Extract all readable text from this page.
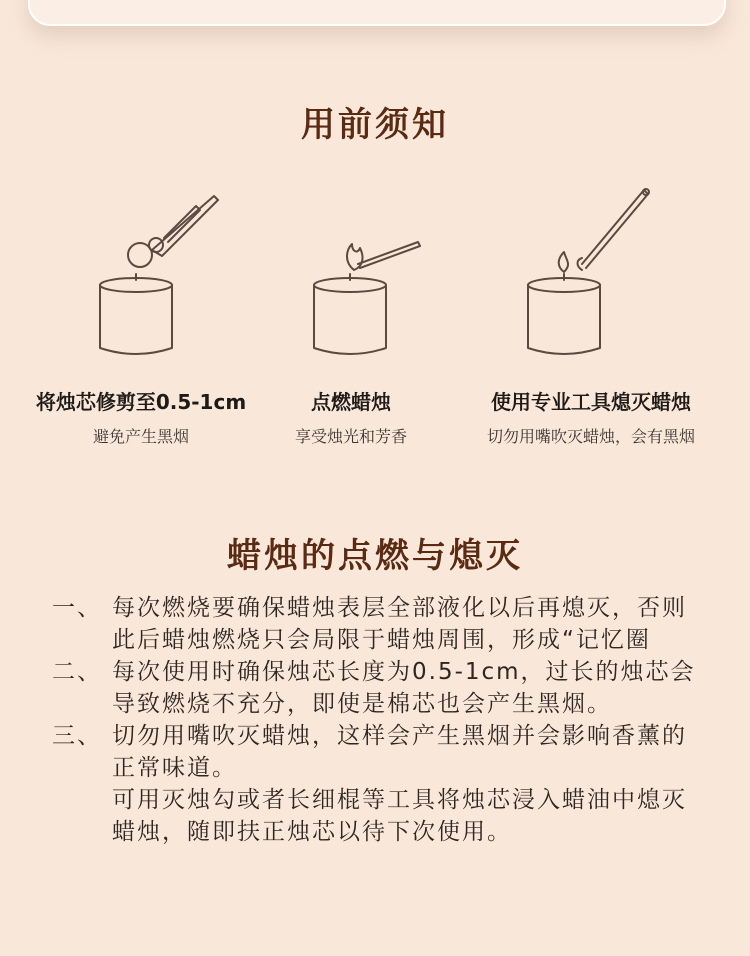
用前须知
将烛芯修剪至0.5-1cm
避免产生黑烟
点燃蜡烛
享受烛光和芳香
使用专业工具熄灭蜡烛
切勿用嘴吹灭蜡烛，会有黑烟
蜡烛的点燃与熄灭
一、 每次燃烧要确保蜡烛表层全部液化以后再熄灭，否则此后蜡烛燃烧只会局限于蜡烛周围，形成“记忆圈
二、 每次使用时确保烛芯长度为0.5-1cm，过长的烛芯会导致燃烧不充分，即使是棉芯也会产生黑烟。
三、 切勿用嘴吹灭蜡烛，这样会产生黑烟并会影响香薰的正常味道。
可用灭烛勾或者长细棍等工具将烛芯浸入蜡油中熄灭蜡烛，随即扶正烛芯以待下次使用。
